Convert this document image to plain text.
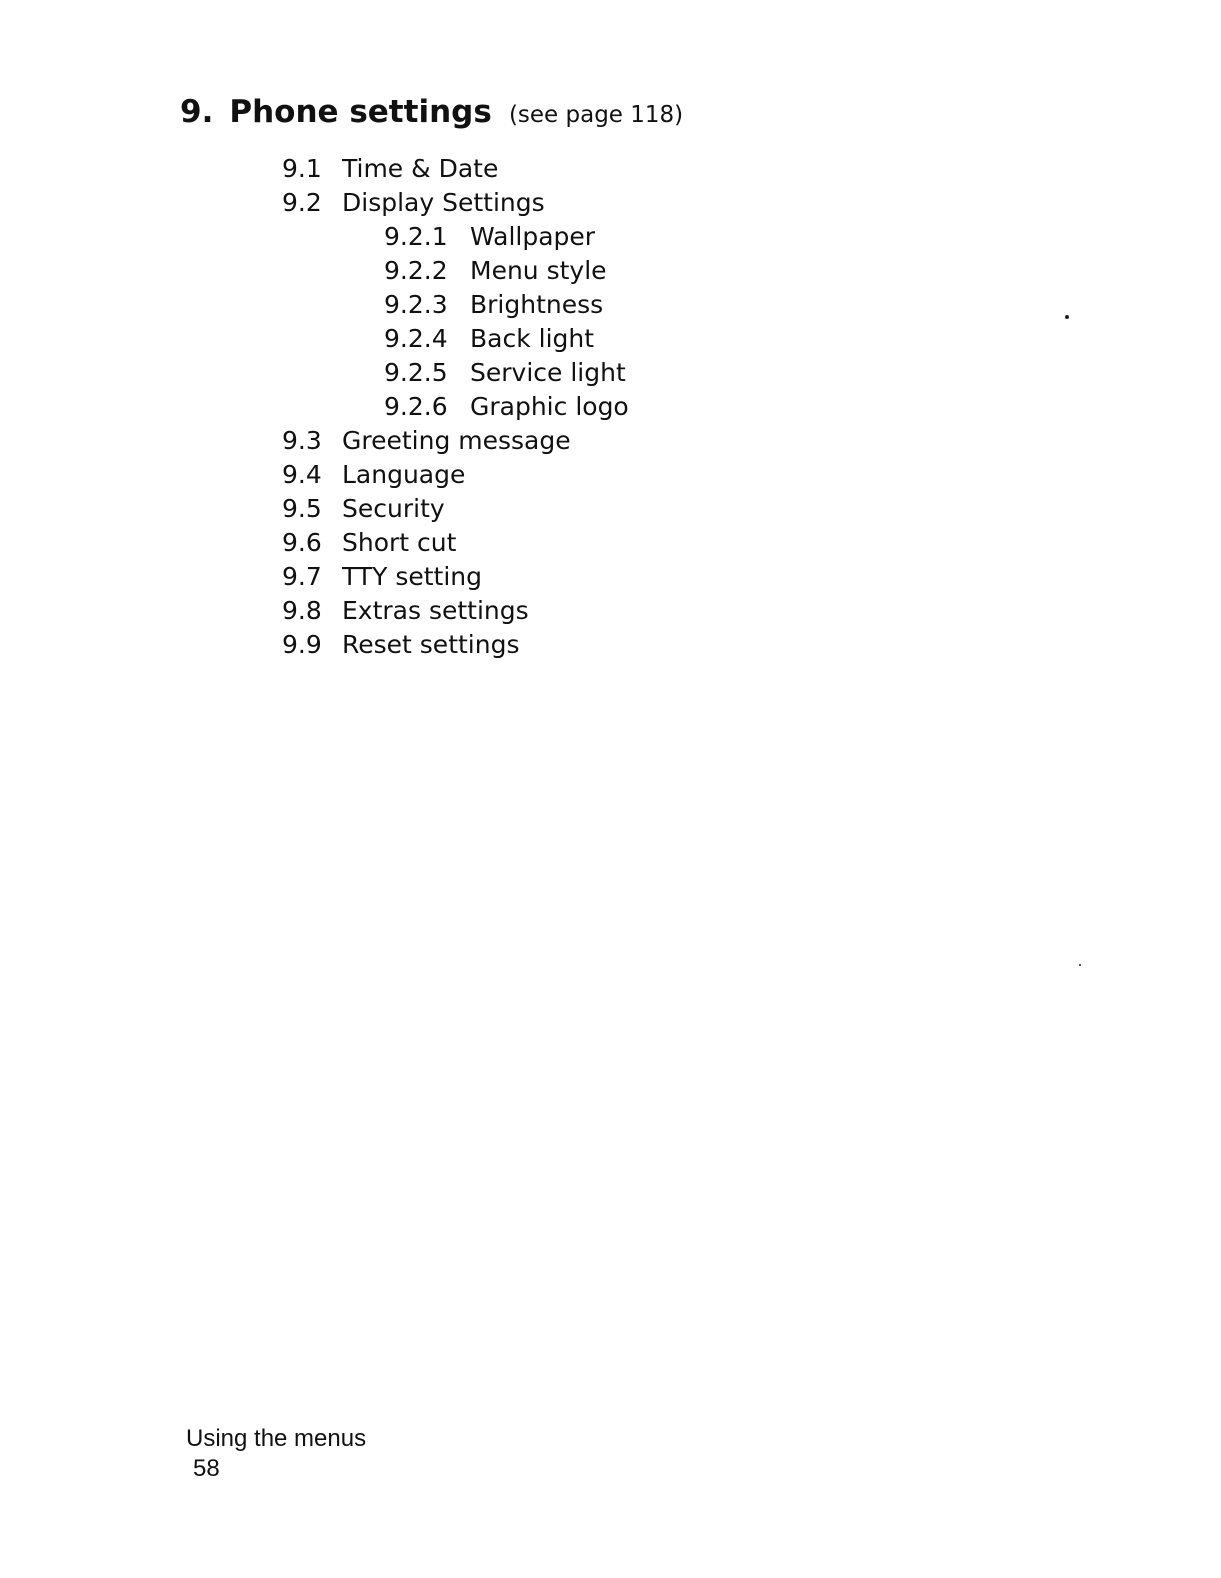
9. Phone settings (see page 118)
9.1 Time & Date
9.2 Display Settings
9.2.1 Wallpaper
9.2.2 Menu style
9.2.3 Brightness
9.2.4 Back light
9.2.5 Service light
9.2.6 Graphic logo
9.3 Greeting message
9.4 Language
9.5 Security
9.6 Short cut
9.7 TTY setting
9.8 Extras settings
9.9 Reset settings
Using the menus
58
